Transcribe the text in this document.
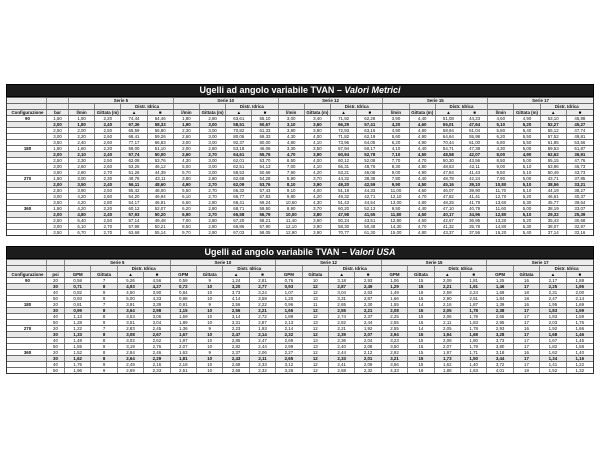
Ugelli ad angolo variabile TVAN – Valori Metrici
Serie 5	Serie 10	Serie 12	Serie 15	Serie 17
Distr. Idrica	Distr. Idrica	Distr. Idrica	Distr. Idrica	Distr. Idrica
Configurazione	bar	l/min	Gittata (m)	▲	■	l/min	Gittata (m)	▲	■	l/min	Gittata (m)	▲	■	l/min	Gittata (m)	▲	■	l/min	Gittata (m)	▲	■
90	1,50	1,50	2,20	74,44	64,46	1,80	2,80	63,61	55,10	3,00	3,40	71,92	62,28	3,90	4,40	51,08	44,23	4,60	4,90	53,10	45,98
2,00	1,80	2,40	67,36	58,33	1,90	3,00	58,51	50,67	3,10	3,60	66,29	57,41	4,20	4,60	55,01	47,64	5,10	5,20	52,27	45,27
2,50	2,00	2,50	65,59	56,80	2,30	3,00	70,82	61,33	3,80	3,90	72,93	63,16	4,90	4,80	58,94	51,04	5,80	5,40	55,12	47,74
3,00	2,20	2,60	68,41	59,26	2,60	3,00	80,06	69,33	4,30	4,00	71,82	62,19	5,60	4,90	64,64	55,98	6,20	5,50	57,52	49,81
3,50	2,40	2,60	77,17	66,83	3,00	3,00	92,37	80,00	4,80	4,10	73,96	64,05	6,20	4,90	70,44	61,00	6,80	5,50	61,85	53,56
180	1,50	1,60	2,20	59,00	51,10	2,00	2,80	53,18	46,06	3,30	3,50	57,94	50,17	4,10	4,40	54,71	47,38	4,30	5,00	59,53	51,87
2,00	2,10	2,40	57,74	50,00	2,60	2,70	64,61	55,76	4,70	3,90	60,94	52,78	7,10	4,50	48,58	42,07	8,00	4,90	62,62	36,91
2,50	2,30	2,50	62,08	53,76	4,30	3,00	62,01	53,70	6,50	4,00	60,12	52,08	7,70	4,70	50,30	43,56	8,50	5,00	55,15	47,76
3,00	2,60	2,60	53,26	46,12	5,00	3,00	62,51	54,13	7,00	4,10	56,31	48,76	8,30	4,80	48,63	42,11	9,00	5,10	53,96	46,73
3,50	2,80	2,70	51,26	44,39	5,70	3,00	58,53	50,69	7,90	4,20	53,21	46,08	9,00	4,90	47,84	41,43	9,50	5,10	50,49	43,73
270	1,50	3,00	2,30	49,78	43,11	3,80	2,80	62,68	54,28	5,90	3,70	44,32	38,38	7,80	4,40	48,78	42,24	7,90	5,00	43,71	37,85
2,00	3,50	2,40	56,11	48,60	4,90	2,70	62,09	53,76	8,10	3,90	49,20	42,59	9,90	4,50	45,16	39,10	10,80	5,10	38,56	33,21
2,50	3,90	2,50	55,42	48,00	5,50	2,70	66,32	57,43	9,10	4,00	51,19	44,33	11,00	4,60	46,07	39,90	11,70	5,10	44,19	38,27
3,00	4,20	2,60	54,20	46,94	6,10	2,70	66,77	57,83	9,80	4,20	49,32	42,71	12,10	4,70	47,82	41,41	12,70	5,20	46,61	40,37
3,50	4,20	2,80	54,17	46,91	6,60	2,80	68,41	59,24	10,60	4,30	51,43	44,54	13,00	4,80	48,25	41,79	13,60	5,30	45,77	39,64
360	1,50	4,20	2,20	60,12	52,07	6,20	2,80	68,71	59,50	8,90	3,70	60,20	52,13	9,50	4,40	47,10	40,79	11,60	5,00	38,19	33,07
2,00	4,80	2,40	57,93	50,20	6,90	2,70	65,58	56,79	10,00	3,80	47,98	41,55	11,80	4,50	40,17	34,96	12,80	5,10	29,32	25,39
2,50	5,40	2,50	57,14	49,48	7,00	2,80	67,20	58,21	11,40	3,90	50,24	43,51	12,90	4,50	42,67	36,95	13,20	5,20	35,43	30,68
3,00	6,10	2,70	57,98	50,21	8,50	2,80	66,86	57,90	12,10	3,90	58,30	50,48	14,30	4,70	41,32	35,78	14,80	5,30	38,07	32,97
3,50	6,70	2,70	63,68	55,14	9,70	2,80	67,03	58,05	12,90	3,90	70,77	61,30	15,00	4,80	43,37	37,56	16,20	5,40	37,14	32,16
Ugelli ad angolo variabile TVAN – Valori USA
Serie 5	Serie 10	Serie 12	Serie 15	Serie 17
Distr. Idrica	Distr. Idrica	Distr. Idrica	Distr. Idrica	Distr. Idrica
Configurazione	psi	GPM	Gittata	▲	■	GPM	Gittata	▲	■	GPM	Gittata	▲	■	GPM	Gittata	▲	■	GPM	Gittata	▲	■
90	20	0,58	7	5,26	4,56	0,59	9	1,24	2,81	0,76	10	3,18	2,93	1,06	15	2,09	1,81	1,25	16	2,17	1,88
30	0,71	8	4,93	4,27	0,72	10	3,20	2,77	0,93	12	2,87	2,49	1,29	15	2,21	1,91	1,46	17	2,25	1,95
40	0,82	9	4,50	3,90	0,84	10	3,73	3,24	1,07	12	3,04	2,63	1,49	16	2,59	2,24	1,68	18	2,31	2,00
50	0,93	9	5,00	4,33	0,98	10	4,14	3,58	1,20	13	3,31	2,87	1,66	16	2,90	2,51	1,84	18	2,47	2,14
180	20	0,81	7	3,91	3,39	0,91	9	2,56	2,22	0,96	11	2,65	2,30	1,55	14	2,16	1,87	1,39	16	1,95	1,69
30	0,99	8	3,64	2,98	1,15	10	2,56	2,21	1,65	12	2,55	2,21	2,08	15	2,05	1,78	2,38	17	1,83	1,59
40	1,13	8	3,53	3,06	1,59	10	3,14	2,72	1,89	12	2,74	2,37	2,25	15	2,06	1,79	2,65	17	1,83	1,59
50	1,28	9	3,51	3,04	1,89	10	3,31	2,87	2,13	13	2,82	2,44	2,55	16	2,11	1,83	2,95	17	2,03	1,76
270	20	1,22	7	2,83	2,45	1,36	9	2,23	1,93	2,14	12	2,21	1,92	2,55	14	2,05	1,78	2,93	16	1,92	1,66
30	1,33	8	3,08	2,67	1,67	10	2,47	2,14	2,32	12	2,39	2,07	2,94	15	1,94	1,68	3,28	17	1,68	1,46
40	1,48	8	3,02	2,62	1,97	10	2,85	2,47	2,69	13	2,36	2,04	3,23	15	2,08	1,80	3,73	17	1,67	1,45
50	1,55	9	3,19	2,76	2,07	10	2,82	2,44	2,99	13	2,40	2,08	3,50	16	2,07	1,79	3,80	17	1,82	1,58
360	20	1,52	8	2,84	2,46	1,63	9	2,37	2,06	2,27	12	2,44	2,12	2,92	15	1,97	1,71	3,18	16	1,62	1,40
30	1,62	8	2,64	2,29	1,81	10	2,43	2,11	2,65	12	2,33	2,01	3,21	15	1,73	1,50	3,44	17	1,34	1,16
40	1,75	9	2,49	2,16	2,18	10	2,69	2,33	3,12	12	2,41	2,09	3,56	15	1,62	1,40	3,72	17	1,41	1,22
50	1,96	9	2,69	2,33	2,51	10	2,68	2,32	3,26	12	2,68	2,32	4,33	16	1,88	1,63	4,01	18	1,52	1,32
